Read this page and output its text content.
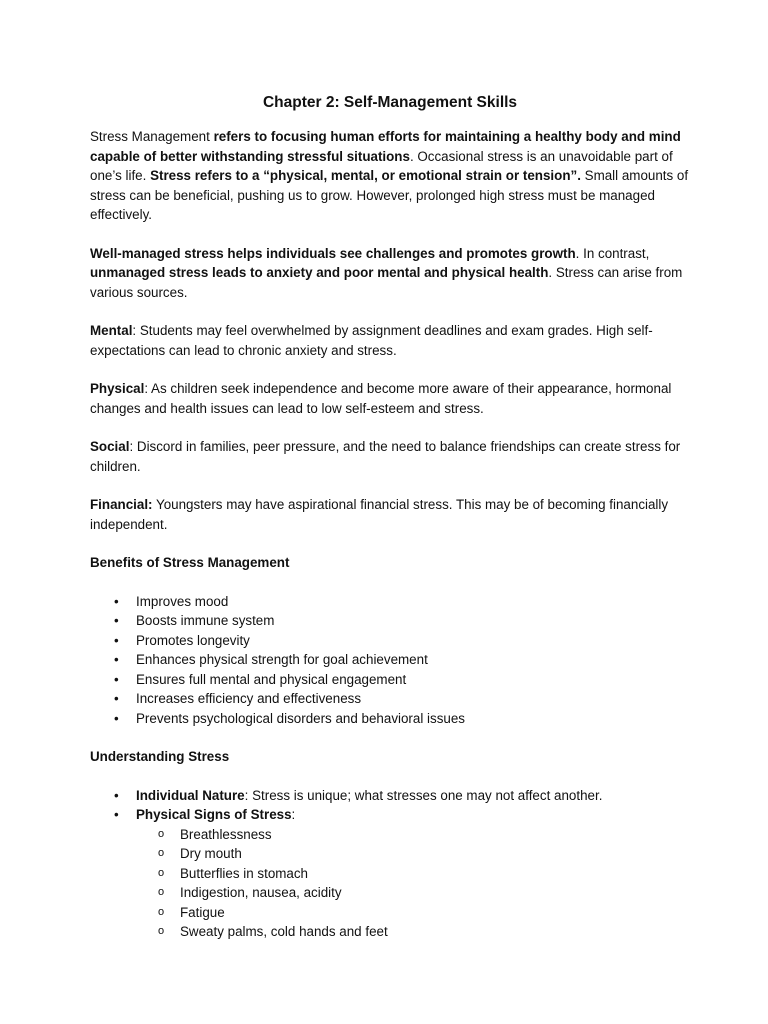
Chapter 2: Self-Management Skills

Stress Management refers to focusing human efforts for maintaining a healthy body and mind capable of better withstanding stressful situations. Occasional stress is an unavoidable part of one’s life. Stress refers to a “physical, mental, or emotional strain or tension”. Small amounts of stress can be beneficial, pushing us to grow. However, prolonged high stress must be managed effectively.

Well-managed stress helps individuals see challenges and promotes growth. In contrast, unmanaged stress leads to anxiety and poor mental and physical health. Stress can arise from various sources.

Mental: Students may feel overwhelmed by assignment deadlines and exam grades. High self-expectations can lead to chronic anxiety and stress.

Physical: As children seek independence and become more aware of their appearance, hormonal changes and health issues can lead to low self-esteem and stress.

Social: Discord in families, peer pressure, and the need to balance friendships can create stress for children.

Financial: Youngsters may have aspirational financial stress. This may be of becoming financially independent.

Benefits of Stress Management
• Improves mood
• Boosts immune system
• Promotes longevity
• Enhances physical strength for goal achievement
• Ensures full mental and physical engagement
• Increases efficiency and effectiveness
• Prevents psychological disorders and behavioral issues
Understanding Stress
• Individual Nature: Stress is unique; what stresses one may not affect another.
• Physical Signs of Stress:
o Breathlessness
o Dry mouth
o Butterflies in stomach
o Indigestion, nausea, acidity
o Fatigue
o Sweaty palms, cold hands and feet
